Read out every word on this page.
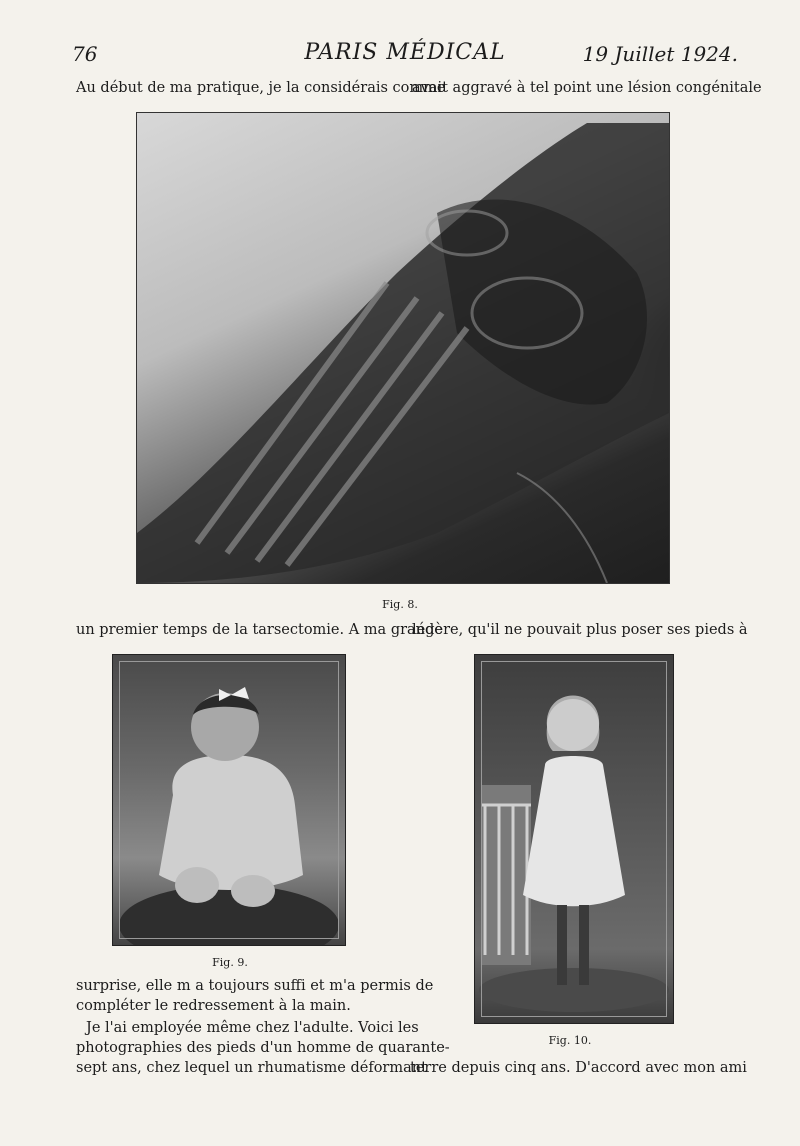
76	PARIS MÉDICAL	19 Juillet 1924.
Au début de ma pratique, je la considérais comme
avait aggravé à tel point une lésion congénitale
Fig. 8.
un premier temps de la tarsectomie. A ma grande
légère, qu'il ne pouvait plus poser ses pieds à
Fig. 9.
Fig. 10.
surprise, elle m a toujours suffi et m'a permis de
compléter le redressement à la main.
Je l'ai employée même chez l'adulte. Voici les
photographies des pieds d'un homme de quarante-
sept ans, chez lequel un rhumatisme déformant
terre depuis cinq ans. D'accord avec mon ami
